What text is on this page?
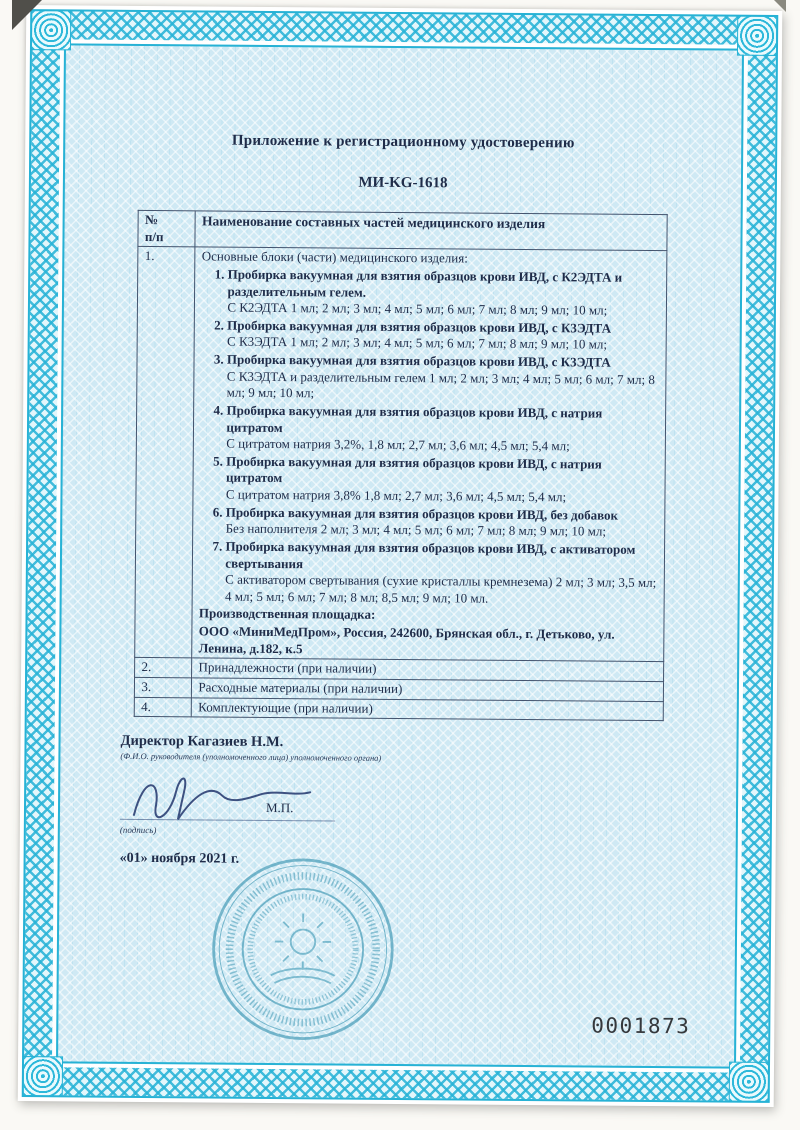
Приложение к регистрационному удостоверению
МИ-KG-1618
№
п/п	Наименование составных частей медицинского изделия
1.	Основные блоки (части) медицинского изделия:

1. Пробирка вакуумная для взятия образцов крови ИВД, с К2ЭДТА и разделительным гелем.
С К2ЭДТА 1 мл; 2 мл; 3 мл; 4 мл; 5 мл; 6 мл; 7 мл; 8 мл; 9 мл; 10 мл;
2. Пробирка вакуумная для взятия образцов крови ИВД, с К3ЭДТА
С К3ЭДТА 1 мл; 2 мл; 3 мл; 4 мл; 5 мл; 6 мл; 7 мл; 8 мл; 9 мл; 10 мл;
3. Пробирка вакуумная для взятия образцов крови ИВД, с К3ЭДТА
С К3ЭДТА и разделительным гелем 1 мл; 2 мл; 3 мл; 4 мл; 5 мл; 6 мл; 7 мл; 8 мл; 9 мл; 10 мл;
4. Пробирка вакуумная для взятия образцов крови ИВД, с натрия цитратом
С цитратом натрия 3,2%, 1,8 мл; 2,7 мл; 3,6 мл; 4,5 мл; 5,4 мл;
5. Пробирка вакуумная для взятия образцов крови ИВД, с натрия цитратом
С цитратом натрия 3,8% 1,8 мл; 2,7 мл; 3,6 мл; 4,5 мл; 5,4 мл;
6. Пробирка вакуумная для взятия образцов крови ИВД, без добавок
Без наполнителя 2 мл; 3 мл; 4 мл; 5 мл; 6 мл; 7 мл; 8 мл; 9 мл; 10 мл;
7. Пробирка вакуумная для взятия образцов крови ИВД, с активатором свертывания
С активатором свертывания (сухие кристаллы кремнезема) 2 мл; 3 мл; 3,5 мл; 4 мл; 5 мл; 6 мл; 7 мл; 8 мл; 8,5 мл; 9 мл; 10 мл.

Производственная площадка:

ООО «МиниМедПром», Россия, 242600, Брянская обл., г. Детьково, ул. Ленина, д.182, к.5

2.	Принадлежности (при наличии)
3.	Расходные материалы (при наличии)
4.	Комплектующие (при наличии)
Директор Кагазиев Н.М.
(Ф.И.О. руководителя (уполномоченного лица) уполномоченного органа)
М.П.
(подпись)
«01» ноября 2021 г.
0001873
